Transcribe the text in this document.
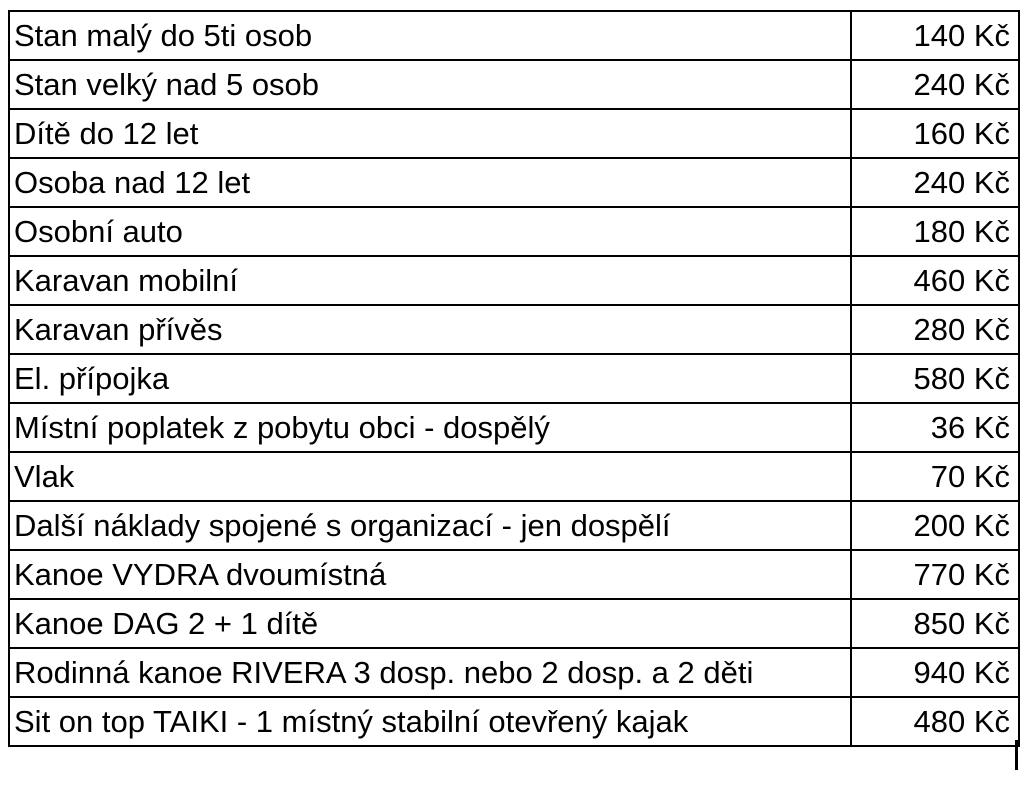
Stan malý do 5ti osob	140 Kč
Stan velký nad 5 osob	240 Kč
Dítě do 12 let	160 Kč
Osoba nad 12 let	240 Kč
Osobní auto	180 Kč
Karavan mobilní	460 Kč
Karavan přívěs	280 Kč
El. přípojka	580 Kč
Místní poplatek z pobytu obci - dospělý	36 Kč
Vlak	70 Kč
Další náklady spojené s organizací - jen dospělí	200 Kč
Kanoe VYDRA dvoumístná	770 Kč
Kanoe DAG 2 + 1 dítě	850 Kč
Rodinná kanoe RIVERA 3 dosp. nebo 2 dosp. a 2 děti	940 Kč
Sit on top TAIKI - 1 místný stabilní otevřený kajak	480 Kč
